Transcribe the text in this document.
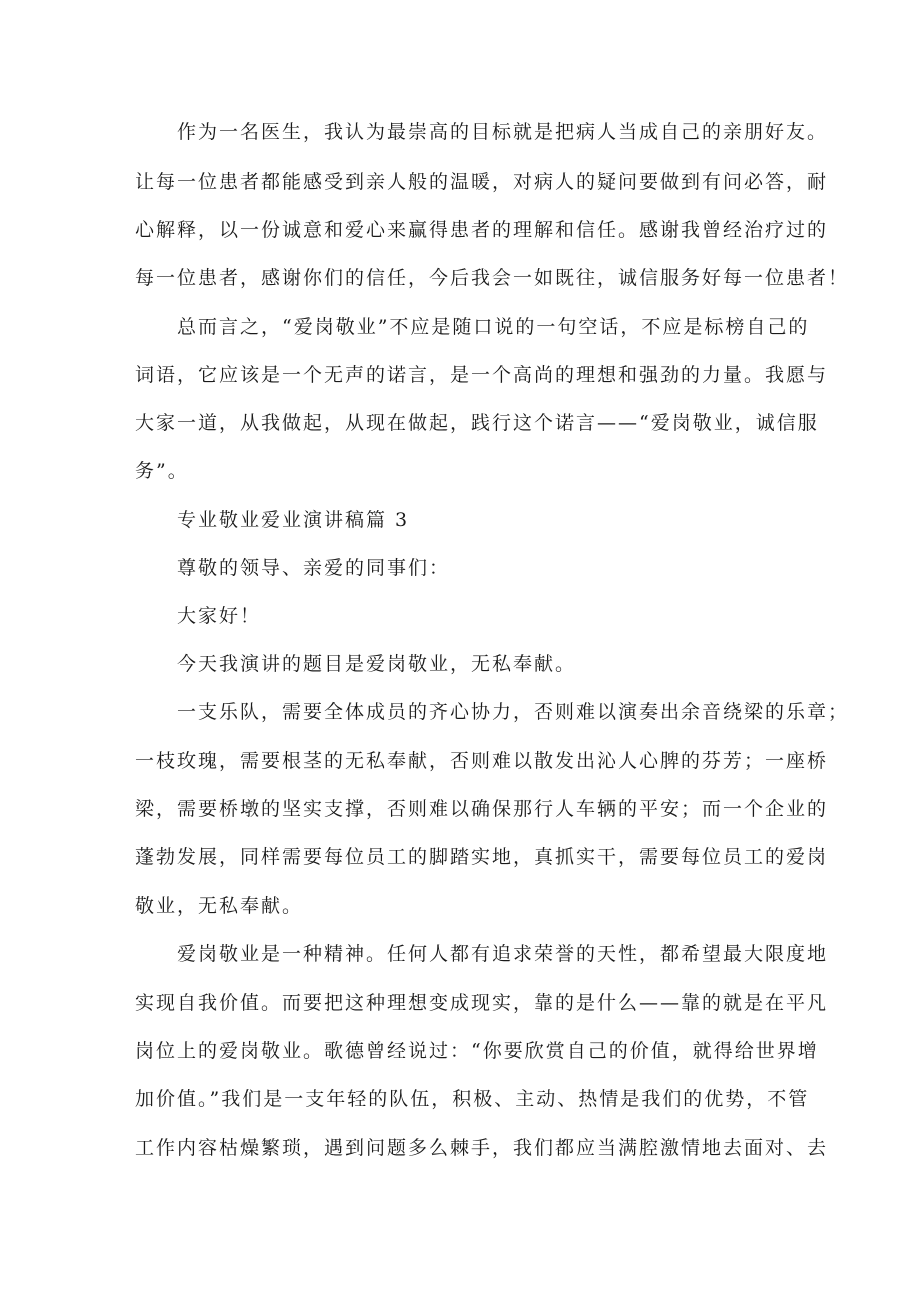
作为一名医生，我认为最崇高的目标就是把病人当成自己的亲朋好友。
让每一位患者都能感受到亲人般的温暖，对病人的疑问要做到有问必答，耐
心解释，以一份诚意和爱心来赢得患者的理解和信任。感谢我曾经治疗过的
每一位患者，感谢你们的信任，今后我会一如既往，诚信服务好每一位患者！
总而言之，“爱岗敬业”不应是随口说的一句空话，不应是标榜自己的
词语，它应该是一个无声的诺言，是一个高尚的理想和强劲的力量。我愿与
大家一道，从我做起，从现在做起，践行这个诺言——“爱岗敬业，诚信服
务”。
专业敬业爱业演讲稿篇 3
尊敬的领导、亲爱的同事们：
大家好！
今天我演讲的题目是爱岗敬业，无私奉献。
一支乐队，需要全体成员的齐心协力，否则难以演奏出余音绕梁的乐章；
一枝玫瑰，需要根茎的无私奉献，否则难以散发出沁人心脾的芬芳；一座桥
梁，需要桥墩的坚实支撑，否则难以确保那行人车辆的平安；而一个企业的
蓬勃发展，同样需要每位员工的脚踏实地，真抓实干，需要每位员工的爱岗
敬业，无私奉献。
爱岗敬业是一种精神。任何人都有追求荣誉的天性，都希望最大限度地
实现自我价值。而要把这种理想变成现实，靠的是什么——靠的就是在平凡
岗位上的爱岗敬业。歌德曾经说过：“你要欣赏自己的价值，就得给世界增
加价值。”我们是一支年轻的队伍，积极、主动、热情是我们的优势，不管
工作内容枯燥繁琐，遇到问题多么棘手，我们都应当满腔激情地去面对、去
